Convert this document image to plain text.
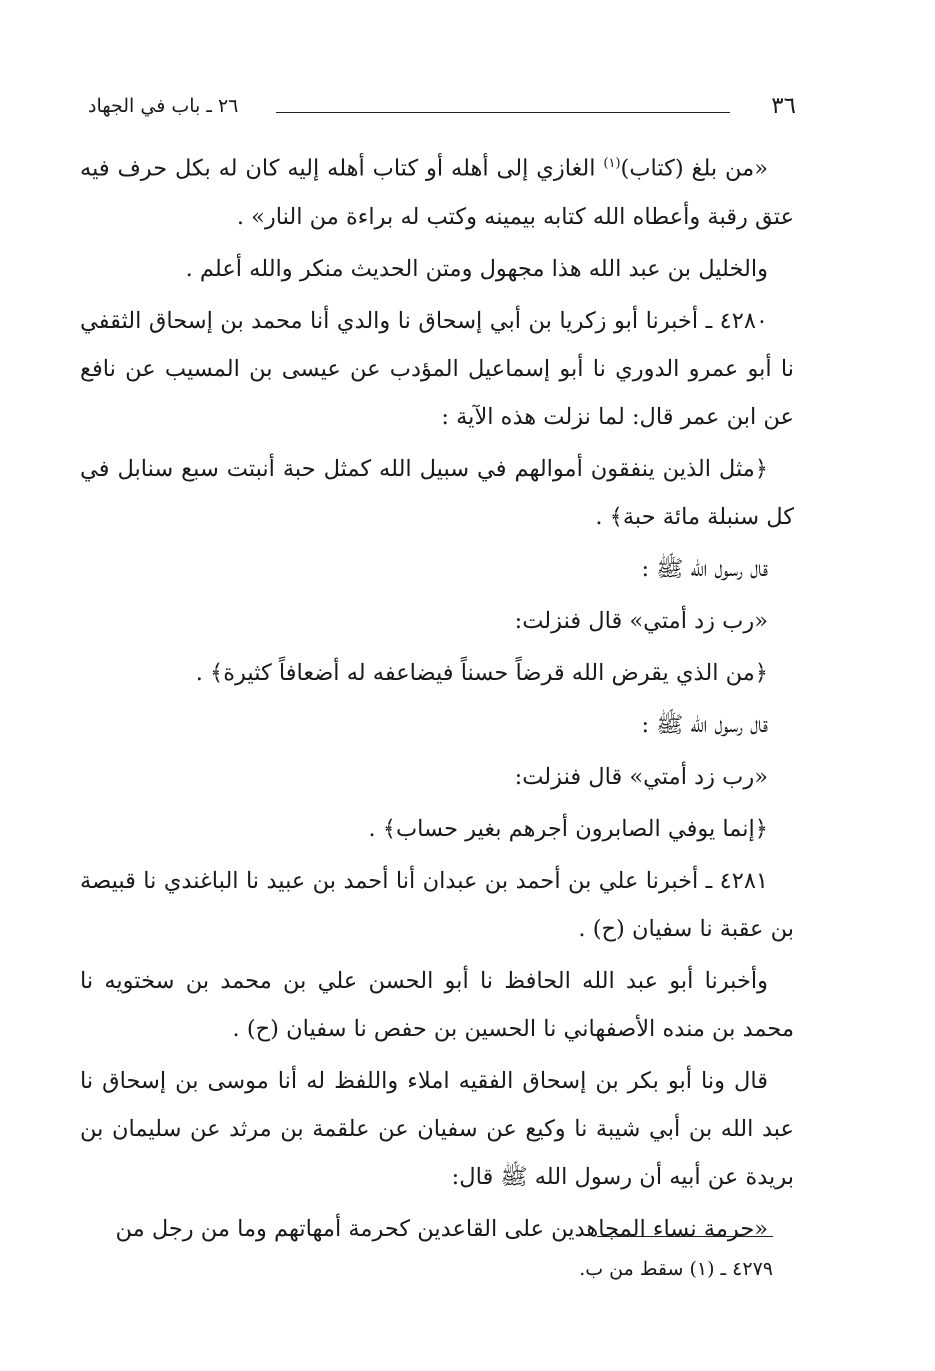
٣٦
٢٦ ـ باب في الجهاد

«من بلغ (كتاب)$^{(١)}$ الغازي إلى أهله أو كتاب أهله إليه كان له بكل حرف فيه عتق رقبة وأعطاه الله كتابه بيمينه وكتب له براءة من النار» .

والخليل بن عبد الله هذا مجهول ومتن الحديث منكر والله أعلم .

٤٢٨٠ ـ أخبرنا أبو زكريا بن أبي إسحاق نا والدي أنا محمد بن إسحاق الثقفي نا أبو عمرو الدوري نا أبو إسماعيل المؤدب عن عيسى بن المسيب عن نافع عن ابن عمر قال: لما نزلت هذه الآية :

﴿مثل الذين ينفقون أموالهم في سبيل الله كمثل حبة أنبتت سبع سنابل في كل سنبلة مائة حبة﴾ .

قال رسول الله ﷺ :

«رب زد أمتي» قال فنزلت:

﴿من الذي يقرض الله قرضاً حسناً فيضاعفه له أضعافاً كثيرة﴾ .

قال رسول الله ﷺ :

«رب زد أمتي» قال فنزلت:

﴿إنما يوفي الصابرون أجرهم بغير حساب﴾ .

٤٢٨١ ـ أخبرنا علي بن أحمد بن عبدان أنا أحمد بن عبيد نا الباغندي نا قبيصة بن عقبة نا سفيان (ح) .

وأخبرنا أبو عبد الله الحافظ نا أبو الحسن علي بن محمد بن سختويه نا محمد بن منده الأصفهاني نا الحسين بن حفص نا سفيان (ح) .

قال ونا أبو بكر بن إسحاق الفقيه املاء واللفظ له أنا موسى بن إسحاق نا عبد الله بن أبي شيبة نا وكيع عن سفيان عن علقمة بن مرثد عن سليمان بن بريدة عن أبيه أن رسول الله ﷺ قال:

«حرمة نساء المجاهدين على القاعدين كحرمة أمهاتهم وما من رجل من

٤٢٧٩ ـ (١) سقط من ب.
